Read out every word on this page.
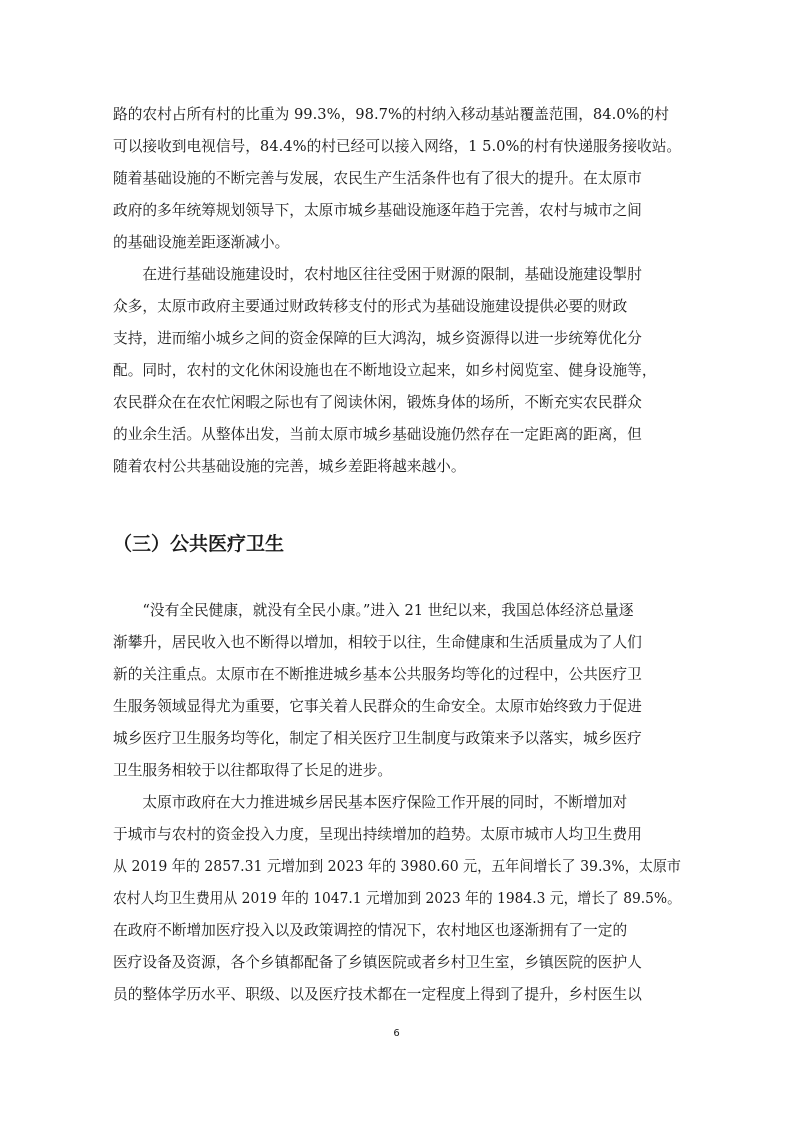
路的农村占所有村的比重为 99.3%，98.7%的村纳入移动基站覆盖范围，84.0%的村
可以接收到电视信号，84.4%的村已经可以接入网络，1 5.0%的村有快递服务接收站。
随着基础设施的不断完善与发展，农民生产生活条件也有了很大的提升。在太原市
政府的多年统筹规划领导下，太原市城乡基础设施逐年趋于完善，农村与城市之间
的基础设施差距逐渐减小。
　　在进行基础设施建设时，农村地区往往受困于财源的限制，基础设施建设掣肘
众多，太原市政府主要通过财政转移支付的形式为基础设施建设提供必要的财政
支持，进而缩小城乡之间的资金保障的巨大鸿沟，城乡资源得以进一步统筹优化分
配。同时，农村的文化休闲设施也在不断地设立起来，如乡村阅览室、健身设施等，
农民群众在在农忙闲暇之际也有了阅读休闲，锻炼身体的场所，不断充实农民群众
的业余生活。从整体出发，当前太原市城乡基础设施仍然存在一定距离的距离，但
随着农村公共基础设施的完善，城乡差距将越来越小。
（三）公共医疗卫生
　　“没有全民健康，就没有全民小康。”进入 21 世纪以来，我国总体经济总量逐
渐攀升，居民收入也不断得以增加，相较于以往，生命健康和生活质量成为了人们
新的关注重点。太原市在不断推进城乡基本公共服务均等化的过程中，公共医疗卫
生服务领域显得尤为重要，它事关着人民群众的生命安全。太原市始终致力于促进
城乡医疗卫生服务均等化，制定了相关医疗卫生制度与政策来予以落实，城乡医疗
卫生服务相较于以往都取得了长足的进步。
　　太原市政府在大力推进城乡居民基本医疗保险工作开展的同时，不断增加对
于城市与农村的资金投入力度，呈现出持续增加的趋势。太原市城市人均卫生费用
从 2019 年的 2857.31 元增加到 2023 年的 3980.60 元，五年间增长了 39.3%，太原市
农村人均卫生费用从 2019 年的 1047.1 元增加到 2023 年的 1984.3 元，增长了 89.5%。
在政府不断增加医疗投入以及政策调控的情况下，农村地区也逐渐拥有了一定的
医疗设备及资源，各个乡镇都配备了乡镇医院或者乡村卫生室，乡镇医院的医护人
员的整体学历水平、职级、以及医疗技术都在一定程度上得到了提升，乡村医生以
6
